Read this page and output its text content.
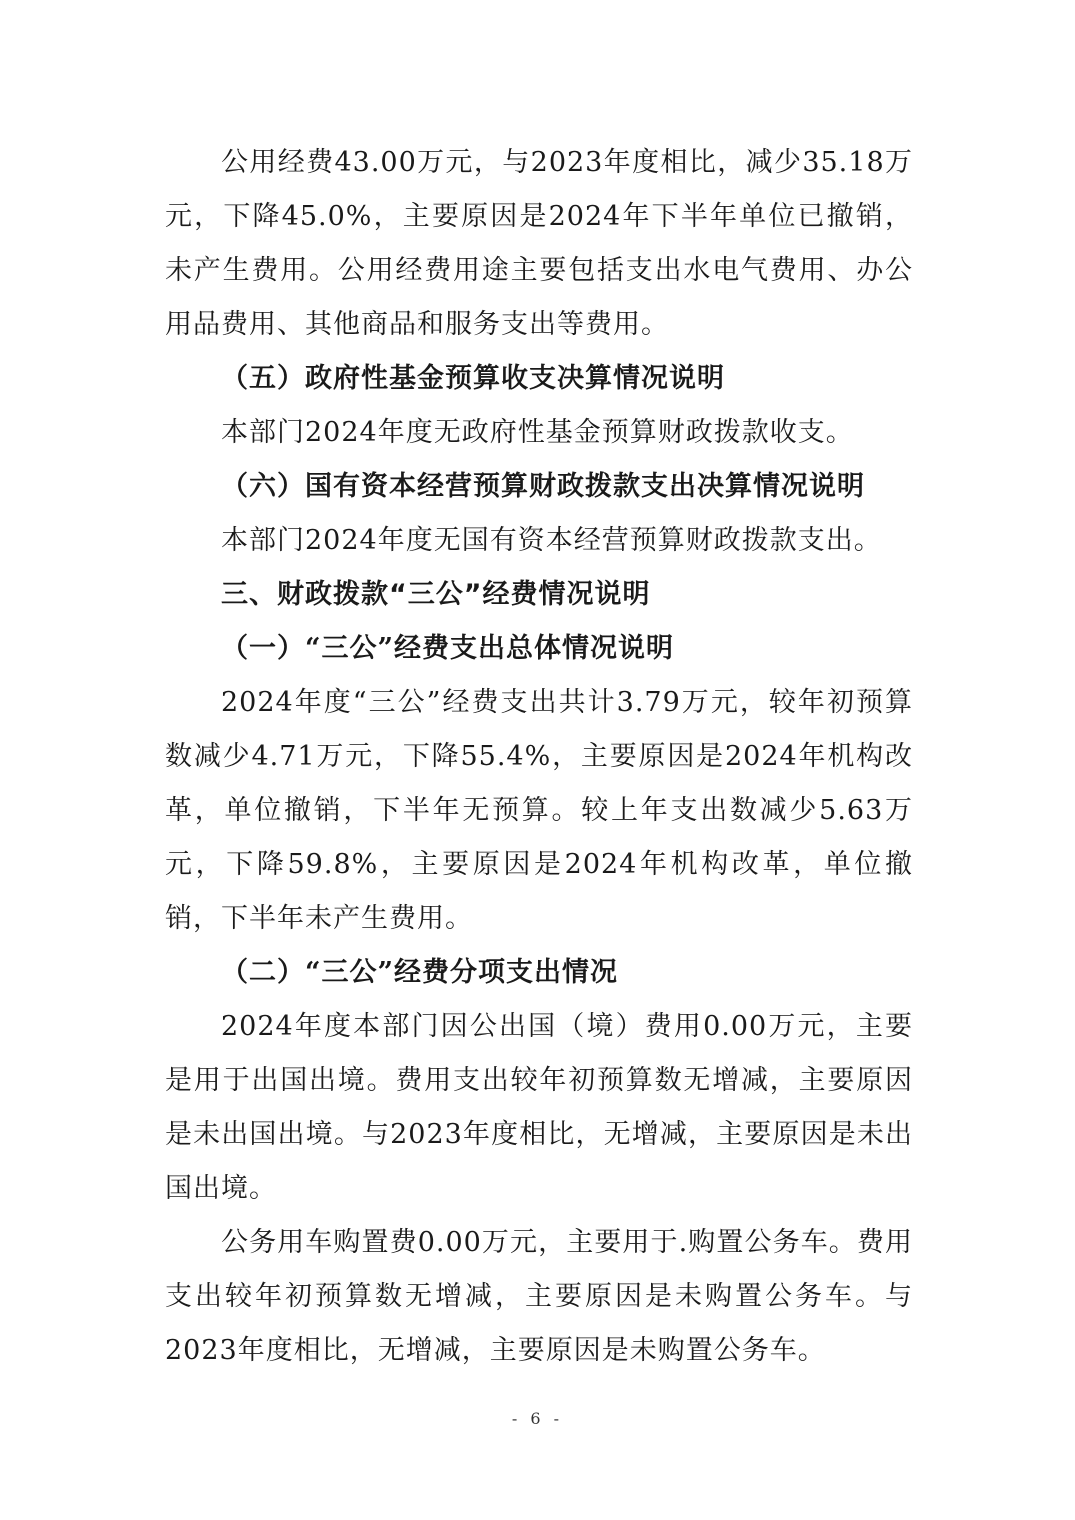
公用经费43.00万元，与2023年度相比，减少35.18万元，下降45.0%，主要原因是2024年下半年单位已撤销，未产生费用。公用经费用途主要包括支出水电气费用、办公用品费用、其他商品和服务支出等费用。

（五）政府性基金预算收支决算情况说明

本部门2024年度无政府性基金预算财政拨款收支。

（六）国有资本经营预算财政拨款支出决算情况说明

本部门2024年度无国有资本经营预算财政拨款支出。

三、财政拨款“三公”经费情况说明

（一）“三公”经费支出总体情况说明

2024年度“三公”经费支出共计3.79万元，较年初预算数减少4.71万元，下降55.4%，主要原因是2024年机构改革，单位撤销，下半年无预算。较上年支出数减少5.63万元，下降59.8%，主要原因是2024年机构改革，单位撤销，下半年未产生费用。

（二）“三公”经费分项支出情况

2024年度本部门因公出国（境）费用0.00万元，主要是用于出国出境。费用支出较年初预算数无增减，主要原因是未出国出境。与2023年度相比，无增减，主要原因是未出国出境。

公务用车购置费0.00万元，主要用于.购置公务车。费用支出较年初预算数无增减，主要原因是未购置公务车。与2023年度相比，无增减，主要原因是未购置公务车。

- 6 -
